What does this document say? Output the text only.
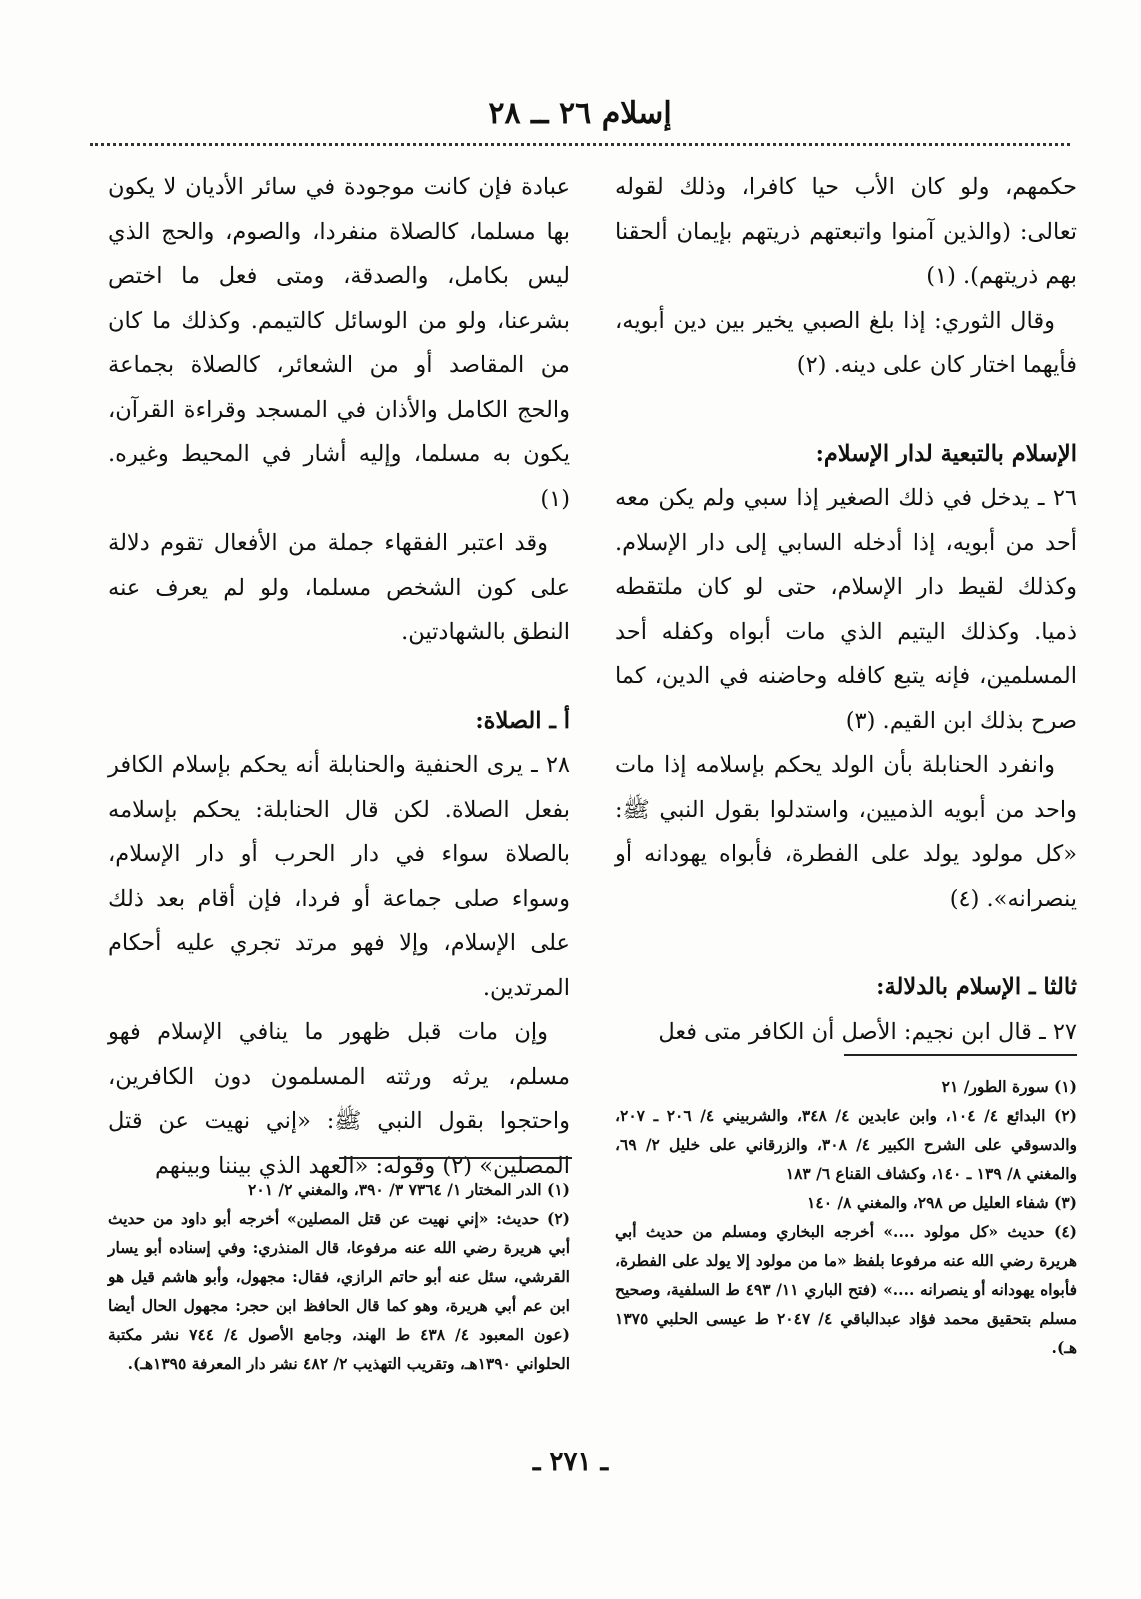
إسلام ٢٦ ــ ٢٨

حكمهم، ولو كان الأب حيا كافرا، وذلك لقوله تعالى: (والذين آمنوا واتبعتهم ذريتهم بإيمان ألحقنا بهم ذريتهم). (١)

وقال الثوري: إذا بلغ الصبي يخير بين دين أبويه، فأيهما اختار كان على دينه. (٢)

الإسلام بالتبعية لدار الإسلام:

٢٦ ـ يدخل في ذلك الصغير إذا سبي ولم يكن معه أحد من أبويه، إذا أدخله السابي إلى دار الإسلام. وكذلك لقيط دار الإسلام، حتى لو كان ملتقطه ذميا. وكذلك اليتيم الذي مات أبواه وكفله أحد المسلمين، فإنه يتبع كافله وحاضنه في الدين، كما صرح بذلك ابن القيم. (٣)

وانفرد الحنابلة بأن الولد يحكم بإسلامه إذا مات واحد من أبويه الذميين، واستدلوا بقول النبي ﷺ: «كل مولود يولد على الفطرة، فأبواه يهودانه أو ينصرانه». (٤)

ثالثا ـ الإسلام بالدلالة:

٢٧ ـ قال ابن نجيم: الأصل أن الكافر متى فعل

عبادة فإن كانت موجودة في سائر الأديان لا يكون بها مسلما، كالصلاة منفردا، والصوم، والحج الذي ليس بكامل، والصدقة، ومتى فعل ما اختص بشرعنا، ولو من الوسائل كالتيمم. وكذلك ما كان من المقاصد أو من الشعائر، كالصلاة بجماعة والحج الكامل والأذان في المسجد وقراءة القرآن، يكون به مسلما، وإليه أشار في المحيط وغيره. (١)

وقد اعتبر الفقهاء جملة من الأفعال تقوم دلالة على كون الشخص مسلما، ولو لم يعرف عنه النطق بالشهادتين.

أ ـ الصلاة:

٢٨ ـ يرى الحنفية والحنابلة أنه يحكم بإسلام الكافر بفعل الصلاة. لكن قال الحنابلة: يحكم بإسلامه بالصلاة سواء في دار الحرب أو دار الإسلام، وسواء صلى جماعة أو فردا، فإن أقام بعد ذلك على الإسلام، وإلا فهو مرتد تجري عليه أحكام المرتدين.

وإن مات قبل ظهور ما ينافي الإسلام فهو مسلم، يرثه ورثته المسلمون دون الكافرين، واحتجوا بقول النبي ﷺ: «إني نهيت عن قتل المصلين» (٢) وقوله: «العهد الذي بيننا وبينهم

(١) سورة الطور/ ٢١

(٢) البدائع ٤/ ١٠٤، وابن عابدين ٤/ ٣٤٨، والشربيني ٤/ ٢٠٦ ـ ٢٠٧، والدسوقي على الشرح الكبير ٤/ ٣٠٨، والزرقاني على خليل ٢/ ٦٩، والمغني ٨/ ١٣٩ ـ ١٤٠، وكشاف القناع ٦/ ١٨٣

(٣) شفاء العليل ص ٢٩٨، والمغني ٨/ ١٤٠

(٤) حديث «كل مولود ....» أخرجه البخاري ومسلم من حديث أبي هريرة رضي الله عنه مرفوعا بلفظ «ما من مولود إلا يولد على الفطرة، فأبواه يهودانه أو ينصرانه ....» (فتح الباري ١١/ ٤٩٣ ط السلفية، وصحيح مسلم بتحقيق محمد فؤاد عبدالباقي ٤/ ٢٠٤٧ ط عيسى الحلبي ١٣٧٥ هـ).

(١) الدر المختار ١/ ٧٣٦٤ ٣/ ٣٩٠، والمغني ٢/ ٢٠١

(٢) حديث: «إني نهيت عن قتل المصلين» أخرجه أبو داود من حديث أبي هريرة رضي الله عنه مرفوعا، قال المنذري: وفي إسناده أبو يسار القرشي، سئل عنه أبو حاتم الرازي، فقال: مجهول، وأبو هاشم قيل هو ابن عم أبي هريرة، وهو كما قال الحافظ ابن حجر: مجهول الحال أيضا (عون المعبود ٤/ ٤٣٨ ط الهند، وجامع الأصول ٤/ ٧٤٤ نشر مكتبة الحلواني ١٣٩٠هـ، وتقريب التهذيب ٢/ ٤٨٢ نشر دار المعرفة ١٣٩٥هـ).

ـ ٢٧١ ـ
